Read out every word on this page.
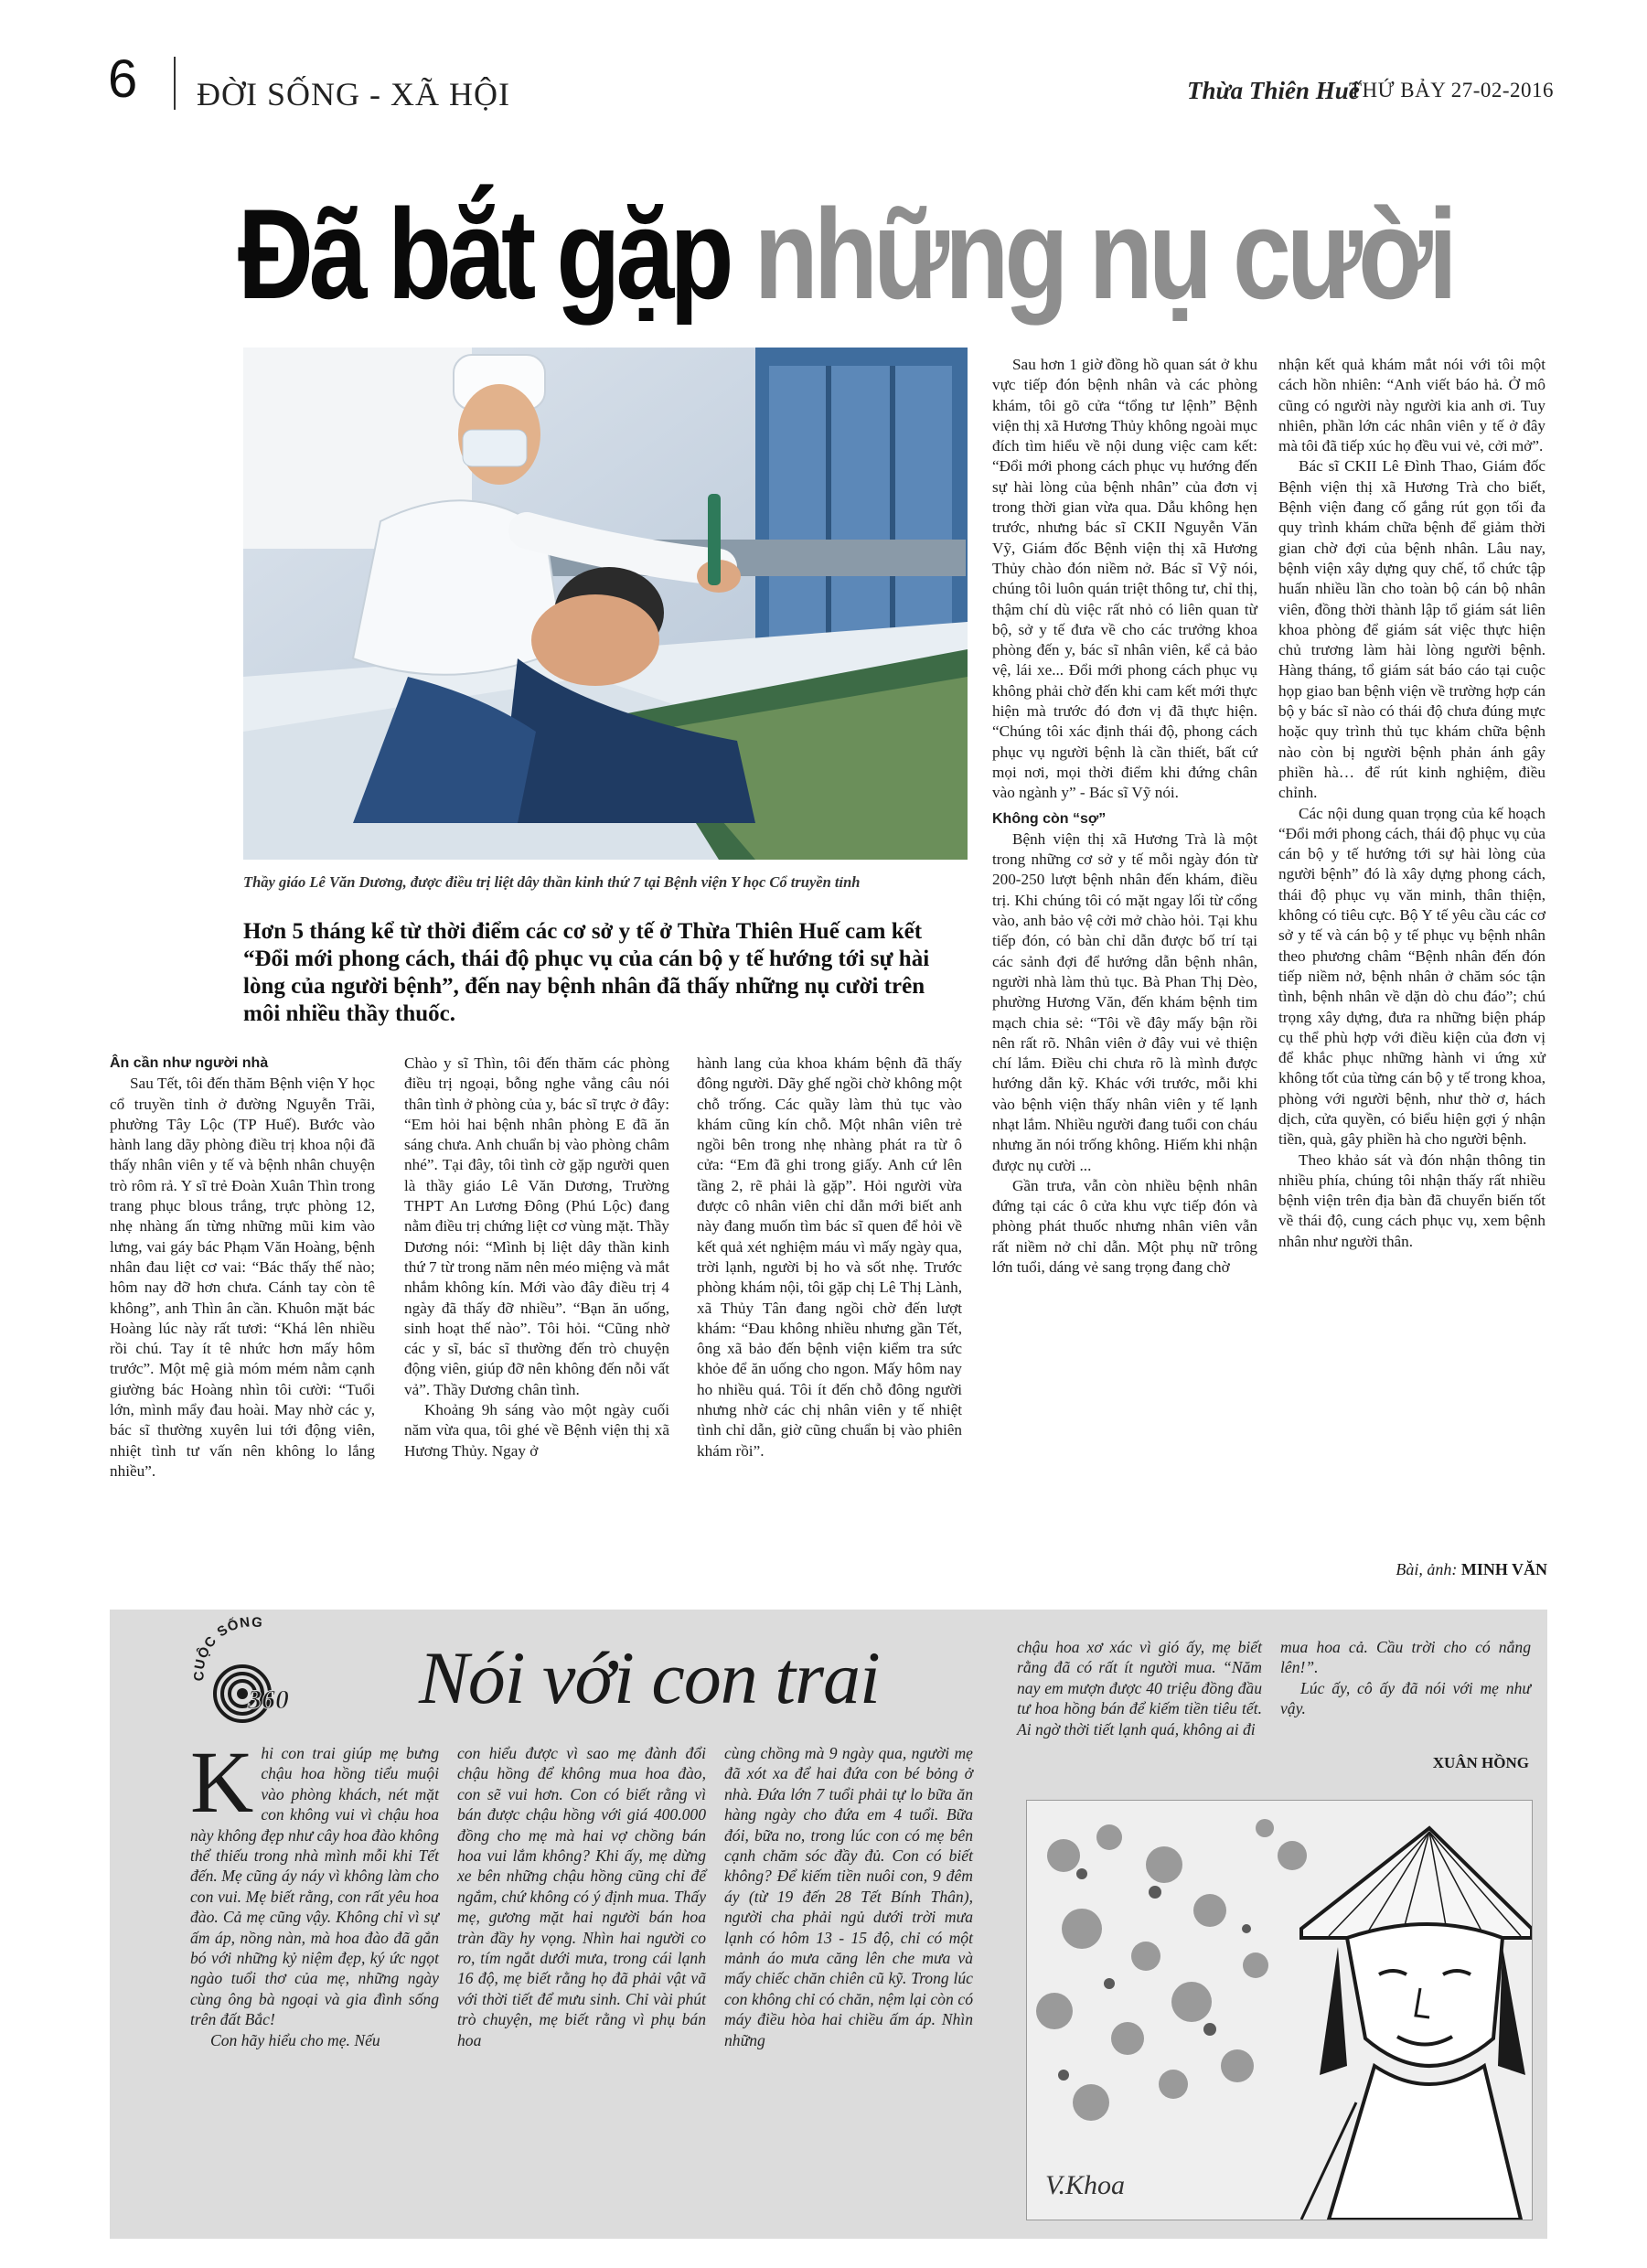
6 ĐỜI SỐNG - XÃ HỘI	Thừa Thiên Huế
THỨ BẢY 27-02-2016
Đã bắt gặp những nụ cười
Thầy giáo Lê Văn Dương, được điều trị liệt dây thần kinh thứ 7 tại Bệnh viện Y học Cổ truyền tỉnh
Hơn 5 tháng kể từ thời điểm các cơ sở y tế ở Thừa Thiên Huế cam kết “Đổi mới phong cách, thái độ phục vụ của cán bộ y tế hướng tới sự hài lòng của người bệnh”, đến nay bệnh nhân đã thấy những nụ cười trên môi nhiều thầy thuốc.

Ân cần như người nhà

Sau Tết, tôi đến thăm Bệnh viện Y học cổ truyền tỉnh ở đường Nguyễn Trãi, phường Tây Lộc (TP Huế). Bước vào hành lang dãy phòng điều trị khoa nội đã thấy nhân viên y tế và bệnh nhân chuyện trò rôm rả. Y sĩ trẻ Đoàn Xuân Thìn trong trang phục blous trắng, trực phòng 12, nhẹ nhàng ấn từng những mũi kim vào lưng, vai gáy bác Phạm Văn Hoàng, bệnh nhân đau liệt cơ vai: “Bác thấy thế nào; hôm nay đỡ hơn chưa. Cánh tay còn tê không”, anh Thìn ân cần. Khuôn mặt bác Hoàng lúc này rất tươi: “Khá lên nhiều rồi chú. Tay ít tê nhức hơn mấy hôm trước”. Một mệ già móm mém nằm cạnh giường bác Hoàng nhìn tôi cười: “Tuổi lớn, mình mẩy đau hoài. May nhờ các y, bác sĩ thường xuyên lui tới động viên, nhiệt tình tư vấn nên không lo lắng nhiều”.

Chào y sĩ Thìn, tôi đến thăm các phòng điều trị ngoại, bỗng nghe vẳng câu nói thân tình ở phòng của y, bác sĩ trực ở đây: “Em hỏi hai bệnh nhân phòng E đã ăn sáng chưa. Anh chuẩn bị vào phòng châm nhé”. Tại đây, tôi tình cờ gặp người quen là thầy giáo Lê Văn Dương, Trường THPT An Lương Đông (Phú Lộc) đang nằm điều trị chứng liệt cơ vùng mặt. Thầy Dương nói: “Mình bị liệt dây thần kinh thứ 7 từ trong năm nên méo miệng và mắt nhắm không kín. Mới vào đây điều trị 4 ngày đã thấy đỡ nhiều”. “Bạn ăn uống, sinh hoạt thế nào”. Tôi hỏi. “Cũng nhờ các y sĩ, bác sĩ thường đến trò chuyện động viên, giúp đỡ nên không đến nỗi vất vả”. Thầy Dương chân tình.

Khoảng 9h sáng vào một ngày cuối năm vừa qua, tôi ghé về Bệnh viện thị xã Hương Thủy. Ngay ở

hành lang của khoa khám bệnh đã thấy đông người. Dãy ghế ngồi chờ không một chỗ trống. Các quầy làm thủ tục vào khám cũng kín chỗ. Một nhân viên trẻ ngồi bên trong nhẹ nhàng phát ra từ ô cửa: “Em đã ghi trong giấy. Anh cứ lên tầng 2, rẽ phải là gặp”. Hỏi người vừa được cô nhân viên chỉ dẫn mới biết anh này đang muốn tìm bác sĩ quen để hỏi về kết quả xét nghiệm máu vì mấy ngày qua, trời lạnh, người bị ho và sốt nhẹ. Trước phòng khám nội, tôi gặp chị Lê Thị Lành, xã Thủy Tân đang ngồi chờ đến lượt khám: “Đau không nhiều nhưng gần Tết, ông xã bảo đến bệnh viện kiểm tra sức khỏe để ăn uống cho ngon. Mấy hôm nay ho nhiều quá. Tôi ít đến chỗ đông người nhưng nhờ các chị nhân viên y tế nhiệt tình chỉ dẫn, giờ cũng chuẩn bị vào phiên khám rồi”.

Sau hơn 1 giờ đồng hồ quan sát ở khu vực tiếp đón bệnh nhân và các phòng khám, tôi gõ cửa “tổng tư lệnh” Bệnh viện thị xã Hương Thủy không ngoài mục đích tìm hiểu về nội dung việc cam kết: “Đổi mới phong cách phục vụ hướng đến sự hài lòng của bệnh nhân” của đơn vị trong thời gian vừa qua. Dẫu không hẹn trước, nhưng bác sĩ CKII Nguyễn Văn Vỹ, Giám đốc Bệnh viện thị xã Hương Thủy chào đón niềm nở. Bác sĩ Vỹ nói, chúng tôi luôn quán triệt thông tư, chỉ thị, thậm chí dù việc rất nhỏ có liên quan từ bộ, sở y tế đưa về cho các trưởng khoa phòng đến y, bác sĩ nhân viên, kể cả bảo vệ, lái xe... Đổi mới phong cách phục vụ không phải chờ đến khi cam kết mới thực hiện mà trước đó đơn vị đã thực hiện. “Chúng tôi xác định thái độ, phong cách phục vụ người bệnh là cần thiết, bất cứ mọi nơi, mọi thời điểm khi đứng chân vào ngành y” - Bác sĩ Vỹ nói.

Không còn “sợ”

Bệnh viện thị xã Hương Trà là một trong những cơ sở y tế mỗi ngày đón từ 200-250 lượt bệnh nhân đến khám, điều trị. Khi chúng tôi có mặt ngay lối từ cổng vào, anh bảo vệ cởi mở chào hỏi. Tại khu tiếp đón, có bàn chỉ dẫn được bố trí tại các sảnh đợi để hướng dẫn bệnh nhân, người nhà làm thủ tục. Bà Phan Thị Dèo, phường Hương Văn, đến khám bệnh tim mạch chia sẻ: “Tôi về đây mấy bận rồi nên rất rõ. Nhân viên ở đây vui vẻ thiện chí lắm. Điều chi chưa rõ là mình được hướng dẫn kỹ. Khác với trước, mỗi khi vào bệnh viện thấy nhân viên y tế lạnh nhạt lắm. Nhiều người đang tuổi con cháu nhưng ăn nói trống không. Hiếm khi nhận được nụ cười ...

Gần trưa, vẫn còn nhiều bệnh nhân đứng tại các ô cửa khu vực tiếp đón và phòng phát thuốc nhưng nhân viên vẫn rất niềm nở chỉ dẫn. Một phụ nữ trông lớn tuổi, dáng vẻ sang trọng đang chờ

nhận kết quả khám mắt nói với tôi một cách hồn nhiên: “Anh viết báo hả. Ở mô cũng có người này người kia anh ơi. Tuy nhiên, phần lớn các nhân viên y tế ở đây mà tôi đã tiếp xúc họ đều vui vẻ, cởi mở”.

Bác sĩ CKII Lê Đình Thao, Giám đốc Bệnh viện thị xã Hương Trà cho biết, Bệnh viện đang cố gắng rút gọn tối đa quy trình khám chữa bệnh để giảm thời gian chờ đợi của bệnh nhân. Lâu nay, bệnh viện xây dựng quy chế, tổ chức tập huấn nhiều lần cho toàn bộ cán bộ nhân viên, đồng thời thành lập tổ giám sát liên khoa phòng để giám sát việc thực hiện chủ trương làm hài lòng người bệnh. Hàng tháng, tổ giám sát báo cáo tại cuộc họp giao ban bệnh viện về trường hợp cán bộ y bác sĩ nào có thái độ chưa đúng mực hoặc quy trình thủ tục khám chữa bệnh nào còn bị người bệnh phản ánh gây phiền hà… để rút kinh nghiệm, điều chỉnh.

Các nội dung quan trọng của kế hoạch “Đổi mới phong cách, thái độ phục vụ của cán bộ y tế hướng tới sự hài lòng của người bệnh” đó là xây dựng phong cách, thái độ phục vụ văn minh, thân thiện, không có tiêu cực. Bộ Y tế yêu cầu các cơ sở y tế và cán bộ y tế phục vụ bệnh nhân theo phương châm “Bệnh nhân đến đón tiếp niềm nở, bệnh nhân ở chăm sóc tận tình, bệnh nhân về dặn dò chu đáo”; chú trọng xây dựng, đưa ra những biện pháp cụ thể phù hợp với điều kiện của đơn vị để khắc phục những hành vi ứng xử không tốt của từng cán bộ y tế trong khoa, phòng với người bệnh, như thờ ơ, hách dịch, cửa quyền, có biểu hiện gợi ý nhận tiền, quà, gây phiền hà cho người bệnh.

Theo khảo sát và đón nhận thông tin nhiều phía, chúng tôi nhận thấy rất nhiều bệnh viện trên địa bàn đã chuyển biến tốt về thái độ, cung cách phục vụ, xem bệnh nhân như người thân.

Bài, ảnh: MINH VĂN
CUỘC SỐNG
360⁰ Nói với con trai

Khi con trai giúp mẹ bưng chậu hoa hồng tiểu muội vào phòng khách, nét mặt con không vui vì chậu hoa này không đẹp như cây hoa đào không thể thiếu trong nhà mình mỗi khi Tết đến. Mẹ cũng áy náy vì không làm cho con vui. Mẹ biết rằng, con rất yêu hoa đào. Cả mẹ cũng vậy. Không chỉ vì sự ấm áp, nồng nàn, mà hoa đào đã gắn bó với những kỷ niệm đẹp, ký ức ngọt ngào tuổi thơ của mẹ, những ngày cùng ông bà ngoại và gia đình sống trên đất Bắc!

Con hãy hiểu cho mẹ. Nếu

con hiểu được vì sao mẹ đành đổi chậu hồng để không mua hoa đào, con sẽ vui hơn. Con có biết rằng vì bán được chậu hồng với giá 400.000 đồng cho mẹ mà hai vợ chồng bán hoa vui lắm không? Khi ấy, mẹ dừng xe bên những chậu hồng cũng chỉ để ngắm, chứ không có ý định mua. Thấy mẹ, gương mặt hai người bán hoa tràn đầy hy vọng. Nhìn hai người co ro, tím ngắt dưới mưa, trong cái lạnh 16 độ, mẹ biết rằng họ đã phải vật vã với thời tiết để mưu sinh. Chỉ vài phút trò chuyện, mẹ biết rằng vì phụ bán hoa

cùng chồng mà 9 ngày qua, người mẹ đã xót xa để hai đứa con bé bỏng ở nhà. Đứa lớn 7 tuổi phải tự lo bữa ăn hàng ngày cho đứa em 4 tuổi. Bữa đói, bữa no, trong lúc con có mẹ bên cạnh chăm sóc đầy đủ. Con có biết không? Để kiếm tiền nuôi con, 9 đêm áy (từ 19 đến 28 Tết Bính Thân), người cha phải ngủ dưới trời mưa lạnh có hôm 13 - 15 độ, chỉ có một mảnh áo mưa căng lên che mưa và mấy chiếc chăn chiên cũ kỹ. Trong lúc con không chỉ có chăn, nệm lại còn có máy điều hòa hai chiều ấm áp. Nhìn những

chậu hoa xơ xác vì gió ấy, mẹ biết rằng đã có rất ít người mua. “Năm nay em mượn được 40 triệu đồng đầu tư hoa hồng bán để kiếm tiền tiêu tết. Ai ngờ thời tiết lạnh quá, không ai đi

mua hoa cả. Cầu trời cho có nắng lên!”.

Lúc ấy, cô ấy đã nói với mẹ như vậy.

XUÂN HỒNG
V.Khoa
